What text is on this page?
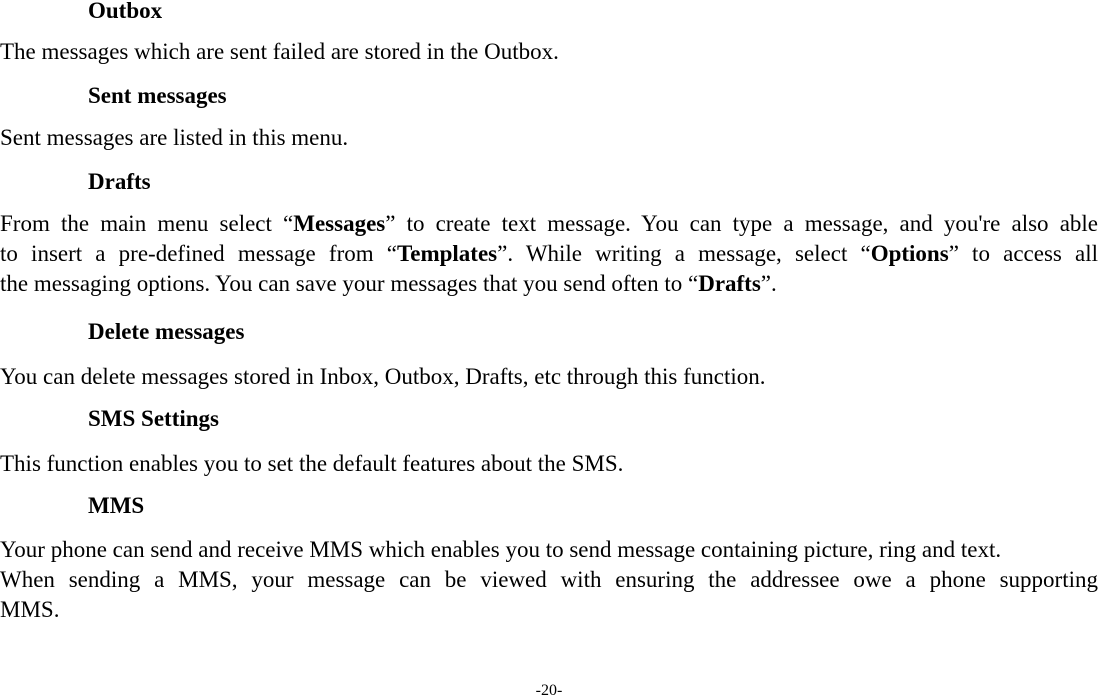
Outbox
The messages which are sent failed are stored in the Outbox.
Sent messages
Sent messages are listed in this menu.
Drafts
From the main menu select “Messages” to create text message. You can type a message, and you're also able
to insert a pre-defined message from “Templates”. While writing a message, select “Options” to access all
the messaging options. You can save your messages that you send often to “Drafts”.
Delete messages
You can delete messages stored in Inbox, Outbox, Drafts, etc through this function.
SMS Settings
This function enables you to set the default features about the SMS.
MMS
Your phone can send and receive MMS which enables you to send message containing picture, ring and text.
When sending a MMS, your message can be viewed with ensuring the addressee owe a phone supporting
MMS.
-20-
